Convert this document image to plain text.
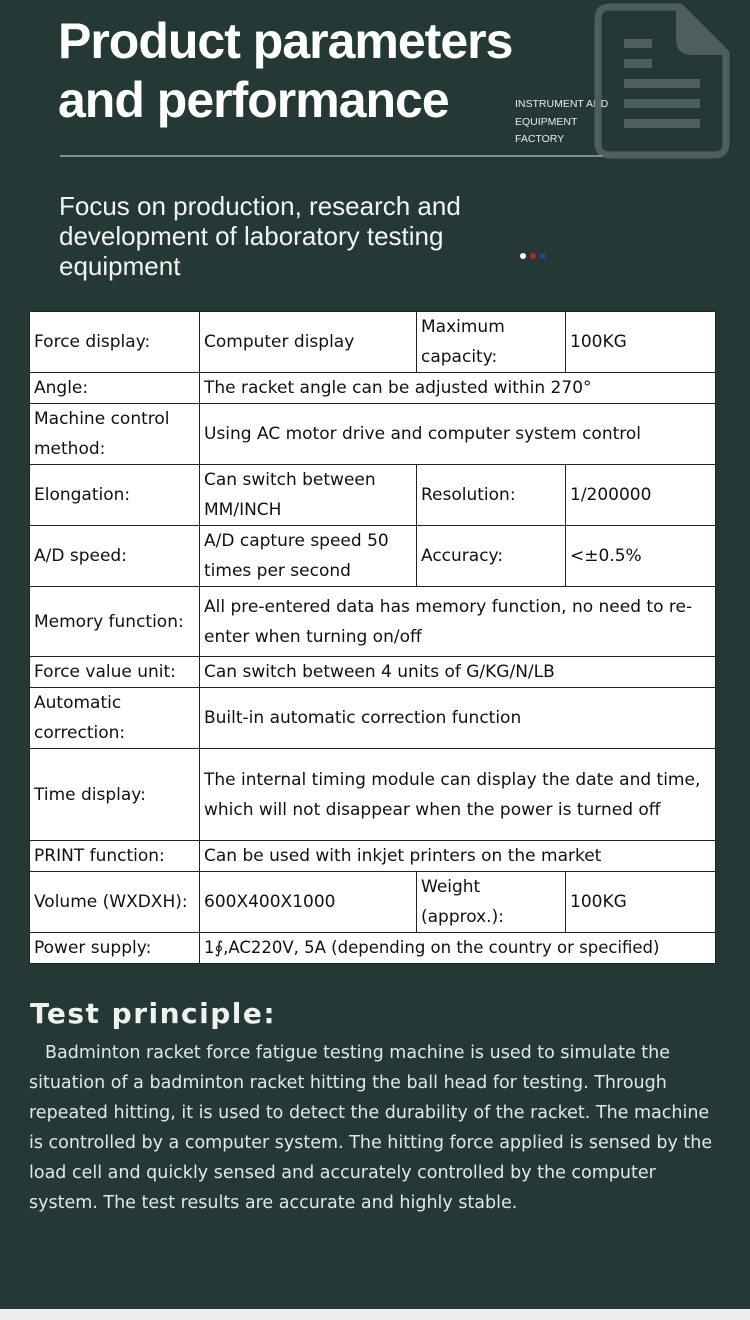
Product parameters and performance	INSTRUMENT AND
EQUIPMENT
FACTORY

Focus on production, research and development of laboratory testing equipment

Force display:	Computer display	Maximum capacity:	100KG
Angle:	The racket angle can be adjusted within 270°		
Machine control method:	Using AC motor drive and computer system control		
Elongation:	Can switch between MM/INCH	Resolution:	1/200000
A/D speed:	A/D capture speed 50 times per second	Accuracy:	<±0.5%
Memory function:	All pre-entered data has memory function, no need to re-enter when turning on/off		
Force value unit:	Can switch between 4 units of G/KG/N/LB		
Automatic correction:	Built-in automatic correction function		
Time display:	The internal timing module can display the date and time, which will not disappear when the power is turned off		
PRINT function:	Can be used with inkjet printers on the market		
Volume (WXDXH):	600X400X1000	Weight (approx.):	100KG
Power supply:	1∮,AC220V, 5A (depending on the country or specified)		
Test principle:

Badminton racket force fatigue testing machine is used to simulate the situation of a badminton racket hitting the ball head for testing. Through repeated hitting, it is used to detect the durability of the racket. The machine is controlled by a computer system. The hitting force applied is sensed by the load cell and quickly sensed and accurately controlled by the computer system. The test results are accurate and highly stable.
